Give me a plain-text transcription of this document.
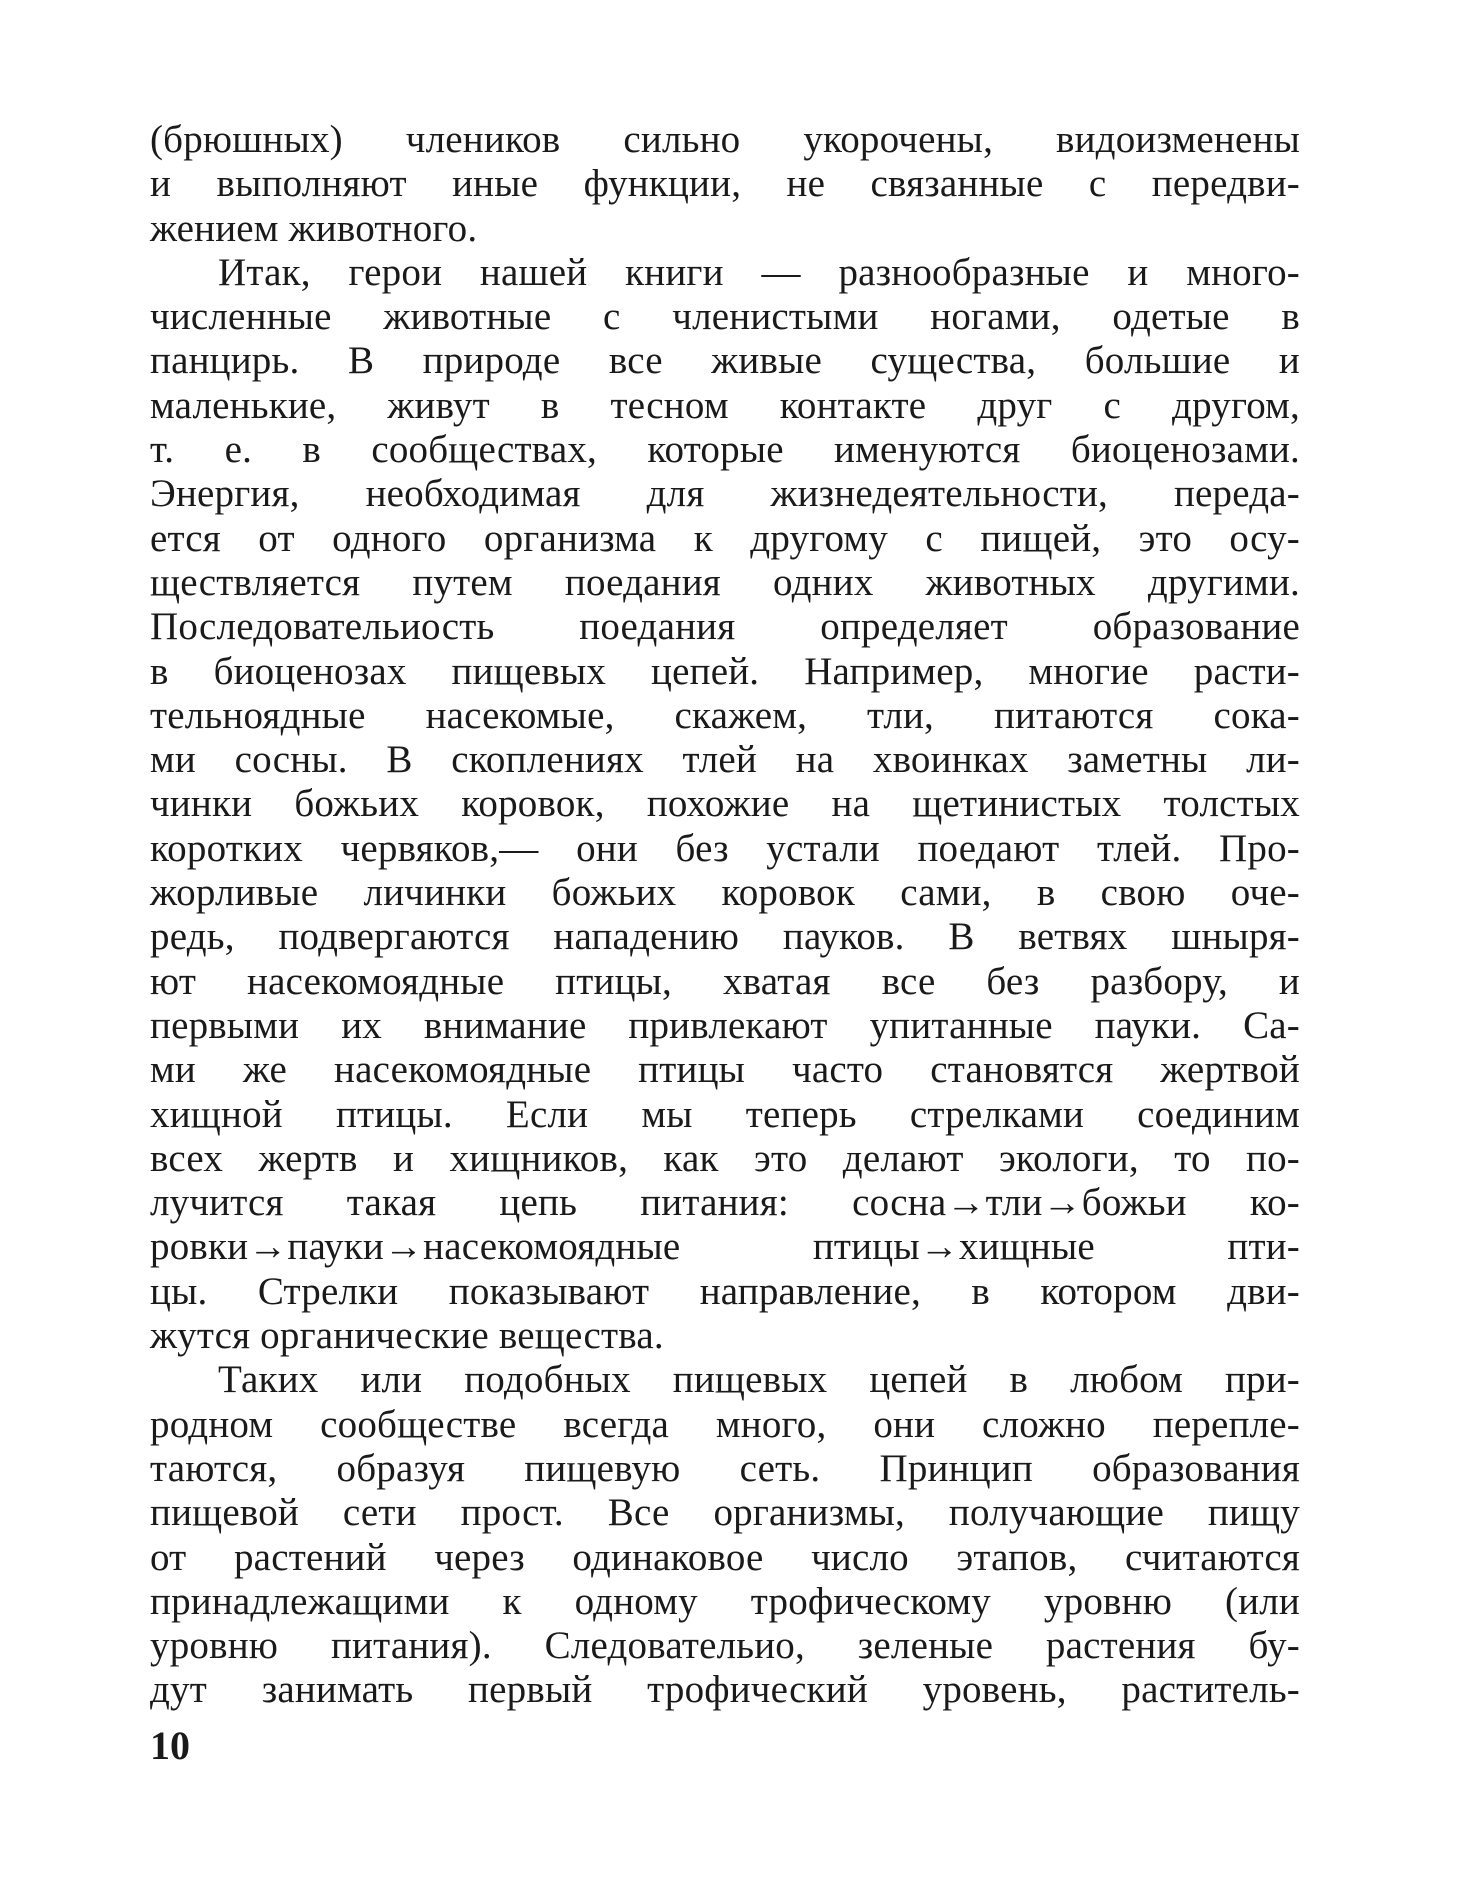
(брюшных) члеников сильно укорочены, видоизменены
и выполняют иные функции, не связанные с передви-
жением животного.
Итак, герои нашей книги — разнообразные и много-
численные животные с членистыми ногами, одетые в
панцирь. В природе все живые существа, большие и
маленькие, живут в тесном контакте друг с другом,
т. е. в сообществах, которые именуются биоценозами.
Энергия, необходимая для жизнедеятельности, переда-
ется от одного организма к другому с пищей, это осу-
ществляется путем поедания одних животных другими.
Последовательиость поедания определяет образование
в биоценозах пищевых цепей. Например, многие расти-
тельноядные насекомые, скажем, тли, питаются сока-
ми сосны. В скоплениях тлей на хвоинках заметны ли-
чинки божьих коровок, похожие на щетинистых толстых
коротких червяков,— они без устали поедают тлей. Про-
жорливые личинки божьих коровок сами, в свою оче-
редь, подвергаются нападению пауков. В ветвях шныря-
ют насекомоядные птицы, хватая все без разбору, и
первыми их внимание привлекают упитанные пауки. Са-
ми же насекомоядные птицы часто становятся жертвой
хищной птицы. Если мы теперь стрелками соединим
всех жертв и хищников, как это делают экологи, то по-
лучится такая цепь питания: сосна→тли→божьи ко-
ровки→пауки→насекомоядные птицы→хищные пти-
цы. Стрелки показывают направление, в котором дви-
жутся органические вещества.
Таких или подобных пищевых цепей в любом при-
родном сообществе всегда много, они сложно перепле-
таются, образуя пищевую сеть. Принцип образования
пищевой сети прост. Все организмы, получающие пищу
от растений через одинаковое число этапов, считаются
принадлежащими к одному трофическому уровню (или
уровню питания). Следовательио, зеленые растения бу-
дут занимать первый трофический уровень, раститель-
10
